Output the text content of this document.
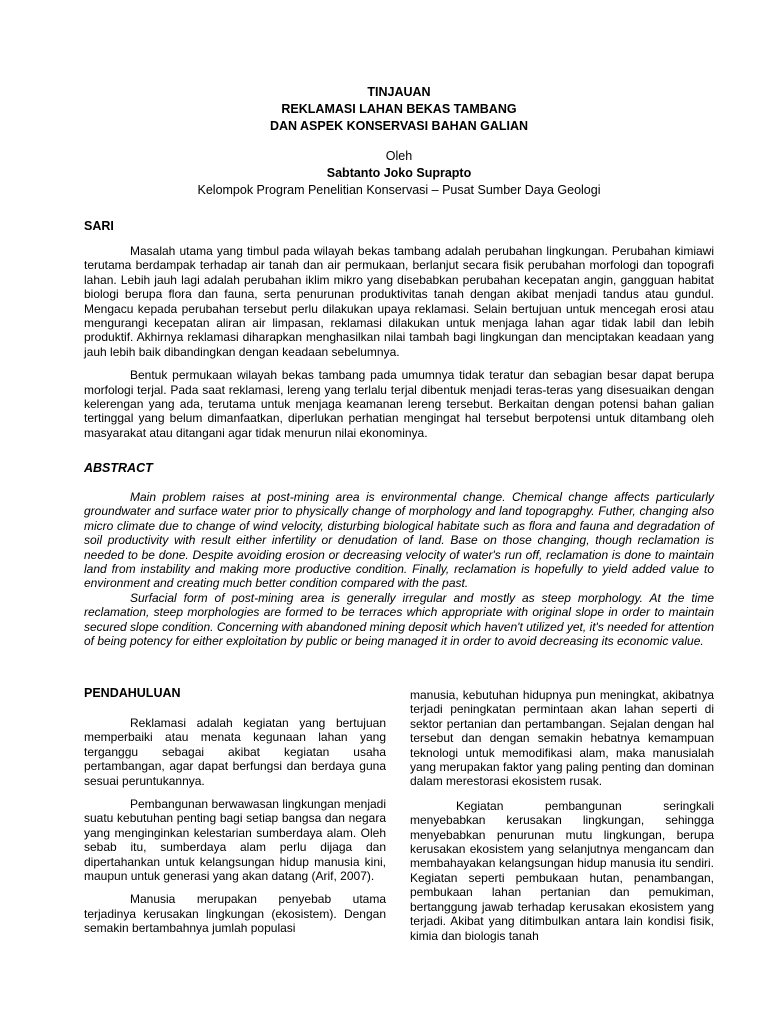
TINJAUAN
REKLAMASI LAHAN BEKAS TAMBANG
DAN ASPEK KONSERVASI BAHAN GALIAN
Oleh
Sabtanto Joko Suprapto
Kelompok Program Penelitian Konservasi – Pusat Sumber Daya Geologi
SARI

Masalah utama yang timbul pada wilayah bekas tambang adalah perubahan lingkungan. Perubahan kimiawi terutama berdampak terhadap air tanah dan air permukaan, berlanjut secara fisik perubahan morfologi dan topografi lahan. Lebih jauh lagi adalah perubahan iklim mikro yang disebabkan perubahan kecepatan angin, gangguan habitat biologi berupa flora dan fauna, serta penurunan produktivitas tanah dengan akibat menjadi tandus atau gundul. Mengacu kepada perubahan tersebut perlu dilakukan upaya reklamasi. Selain bertujuan untuk mencegah erosi atau mengurangi kecepatan aliran air limpasan, reklamasi dilakukan untuk menjaga lahan agar tidak labil dan lebih produktif. Akhirnya reklamasi diharapkan menghasilkan nilai tambah bagi lingkungan dan menciptakan keadaan yang jauh lebih baik dibandingkan dengan keadaan sebelumnya.

Bentuk permukaan wilayah bekas tambang pada umumnya tidak teratur dan sebagian besar dapat berupa morfologi terjal. Pada saat reklamasi, lereng yang terlalu terjal dibentuk menjadi teras-teras yang disesuaikan dengan kelerengan yang ada, terutama untuk menjaga keamanan lereng tersebut. Berkaitan dengan potensi bahan galian tertinggal yang belum dimanfaatkan, diperlukan perhatian mengingat hal tersebut berpotensi untuk ditambang oleh masyarakat atau ditangani agar tidak menurun nilai ekonominya.

ABSTRACT

Main problem raises at post-mining area is environmental change. Chemical change affects particularly groundwater and surface water prior to physically change of morphology and land topograpghy. Futher, changing also micro climate due to change of wind velocity, disturbing biological habitate such as flora and fauna and degradation of soil productivity with result either infertility or denudation of land. Base on those changing, though reclamation is needed to be done. Despite avoiding erosion or decreasing velocity of water's run off, reclamation is done to maintain land from instability and making more productive condition. Finally, reclamation is hopefully to yield added value to environment and creating much better condition compared with the past.

Surfacial form of post-mining area is generally irregular and mostly as steep morphology. At the time reclamation, steep morphologies are formed to be terraces which appropriate with original slope in order to maintain secured slope condition. Concerning with abandoned mining deposit which haven't utilized yet, it's needed for attention of being potency for either exploitation by public or being managed it in order to avoid decreasing its economic value.

PENDAHULUAN

Reklamasi adalah kegiatan yang bertujuan memperbaiki atau menata kegunaan lahan yang terganggu sebagai akibat kegiatan usaha pertambangan, agar dapat berfungsi dan berdaya guna sesuai peruntukannya.

Pembangunan berwawasan lingkungan menjadi suatu kebutuhan penting bagi setiap bangsa dan negara yang menginginkan kelestarian sumberdaya alam. Oleh sebab itu, sumberdaya alam perlu dijaga dan dipertahankan untuk kelangsungan hidup manusia kini, maupun untuk generasi yang akan datang (Arif, 2007).

Manusia merupakan penyebab utama terjadinya kerusakan lingkungan (ekosistem). Dengan semakin bertambahnya jumlah populasi

manusia, kebutuhan hidupnya pun meningkat, akibatnya terjadi peningkatan permintaan akan lahan seperti di sektor pertanian dan pertambangan. Sejalan dengan hal tersebut dan dengan semakin hebatnya kemampuan teknologi untuk memodifikasi alam, maka manusialah yang merupakan faktor yang paling penting dan dominan dalam merestorasi ekosistem rusak.

Kegiatan pembangunan seringkali menyebabkan kerusakan lingkungan, sehingga menyebabkan penurunan mutu lingkungan, berupa kerusakan ekosistem yang selanjutnya mengancam dan membahayakan kelangsungan hidup manusia itu sendiri. Kegiatan seperti pembukaan hutan, penambangan, pembukaan lahan pertanian dan pemukiman, bertanggung jawab terhadap kerusakan ekosistem yang terjadi. Akibat yang ditimbulkan antara lain kondisi fisik, kimia dan biologis tanah
